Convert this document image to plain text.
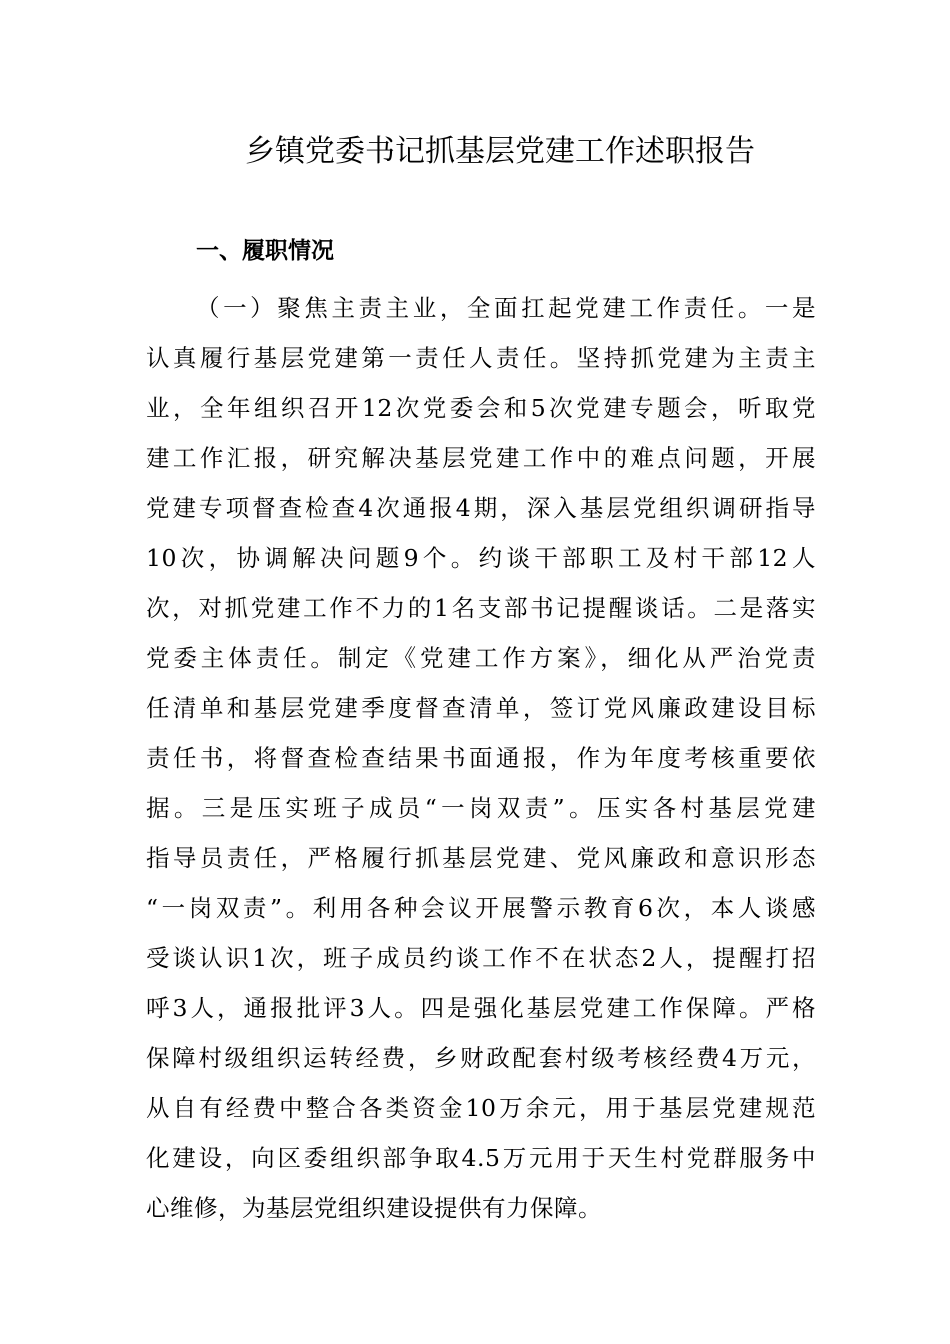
乡镇党委书记抓基层党建工作述职报告
一、履职情况
（一）聚焦主责主业，全面扛起党建工作责任。一是
认真履行基层党建第一责任人责任。坚持抓党建为主责主
业，全年组织召开12次党委会和5次党建专题会，听取党
建工作汇报，研究解决基层党建工作中的难点问题，开展
党建专项督查检查4次通报4期，深入基层党组织调研指导
10次，协调解决问题9个。约谈干部职工及村干部12人
次，对抓党建工作不力的1名支部书记提醒谈话。二是落实
党委主体责任。制定《党建工作方案》，细化从严治党责
任清单和基层党建季度督查清单，签订党风廉政建设目标
责任书，将督查检查结果书面通报，作为年度考核重要依
据。三是压实班子成员“一岗双责”。压实各村基层党建
指导员责任，严格履行抓基层党建、党风廉政和意识形态
“一岗双责”。利用各种会议开展警示教育6次，本人谈感
受谈认识1次，班子成员约谈工作不在状态2人，提醒打招
呼3人，通报批评3人。四是强化基层党建工作保障。严格
保障村级组织运转经费，乡财政配套村级考核经费4万元，
从自有经费中整合各类资金10万余元，用于基层党建规范
化建设，向区委组织部争取4.5万元用于天生村党群服务中
心维修，为基层党组织建设提供有力保障。
